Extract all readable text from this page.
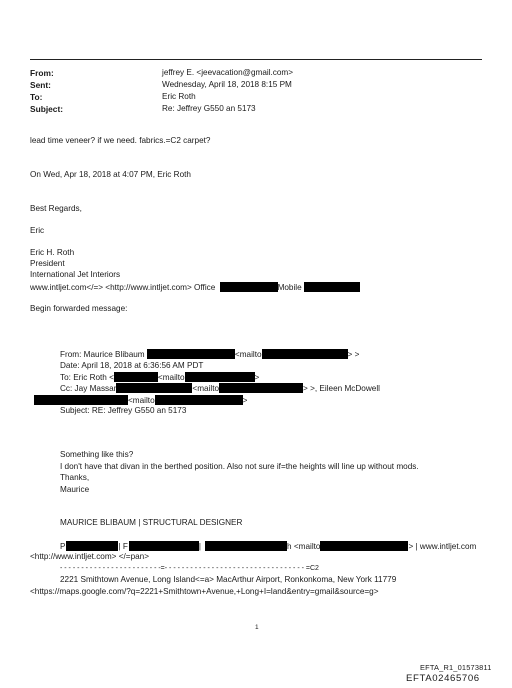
From:	jeffrey E. <jeevacation@gmail.com>
Sent:	Wednesday, April 18, 2018 8:15 PM
To:	Eric Roth
Subject:	Re: Jeffrey G550 an 5173
lead time veneer? if we need. fabrics.=C2 carpet?
On Wed, Apr 18, 2018 at 4:07 PM, Eric Roth
Best Regards,
Eric
Eric H. Roth
President
International Jet Interiors
www.intljet.com</=> <http://www.intljet.com> Office	Mobile
Begin forwarded message:
From: Maurice Blibaum	<mailto	> >
Date: April 18, 2018 at 6:36:56 AM PDT
To: Eric Roth <	<mailto	>
Cc: Jay Massar	<mailto	> >, Eileen McDowell
<mailto	>
Subject: RE: Jeffrey G550 an 5173
Something like this?
I don't have that divan in the berthed position. Also not sure if=the heights will line up without mods.
Thanks,
Maurice
MAURICE BLIBAUM | STRUCTURAL DESIGNER
P	| F	|	h <mailto	> | www.intljet.com
<http://www.intljet.com> </=pan>
- - - - - - - - - - - - - - - - - - - - - - - -=- - - - - - - - - - - - - - - - - - - - - - - - - - - - - - - - - =C2
2221 Smithtown Avenue, Long Island<=a> MacArthur Airport, Ronkonkoma, New York 11779
<https://maps.google.com/?q=2221+Smithtown+Avenue,+Long+I=land&entry=gmail&source=g>
1
EFTA_R1_01573811
EFTA02465706
